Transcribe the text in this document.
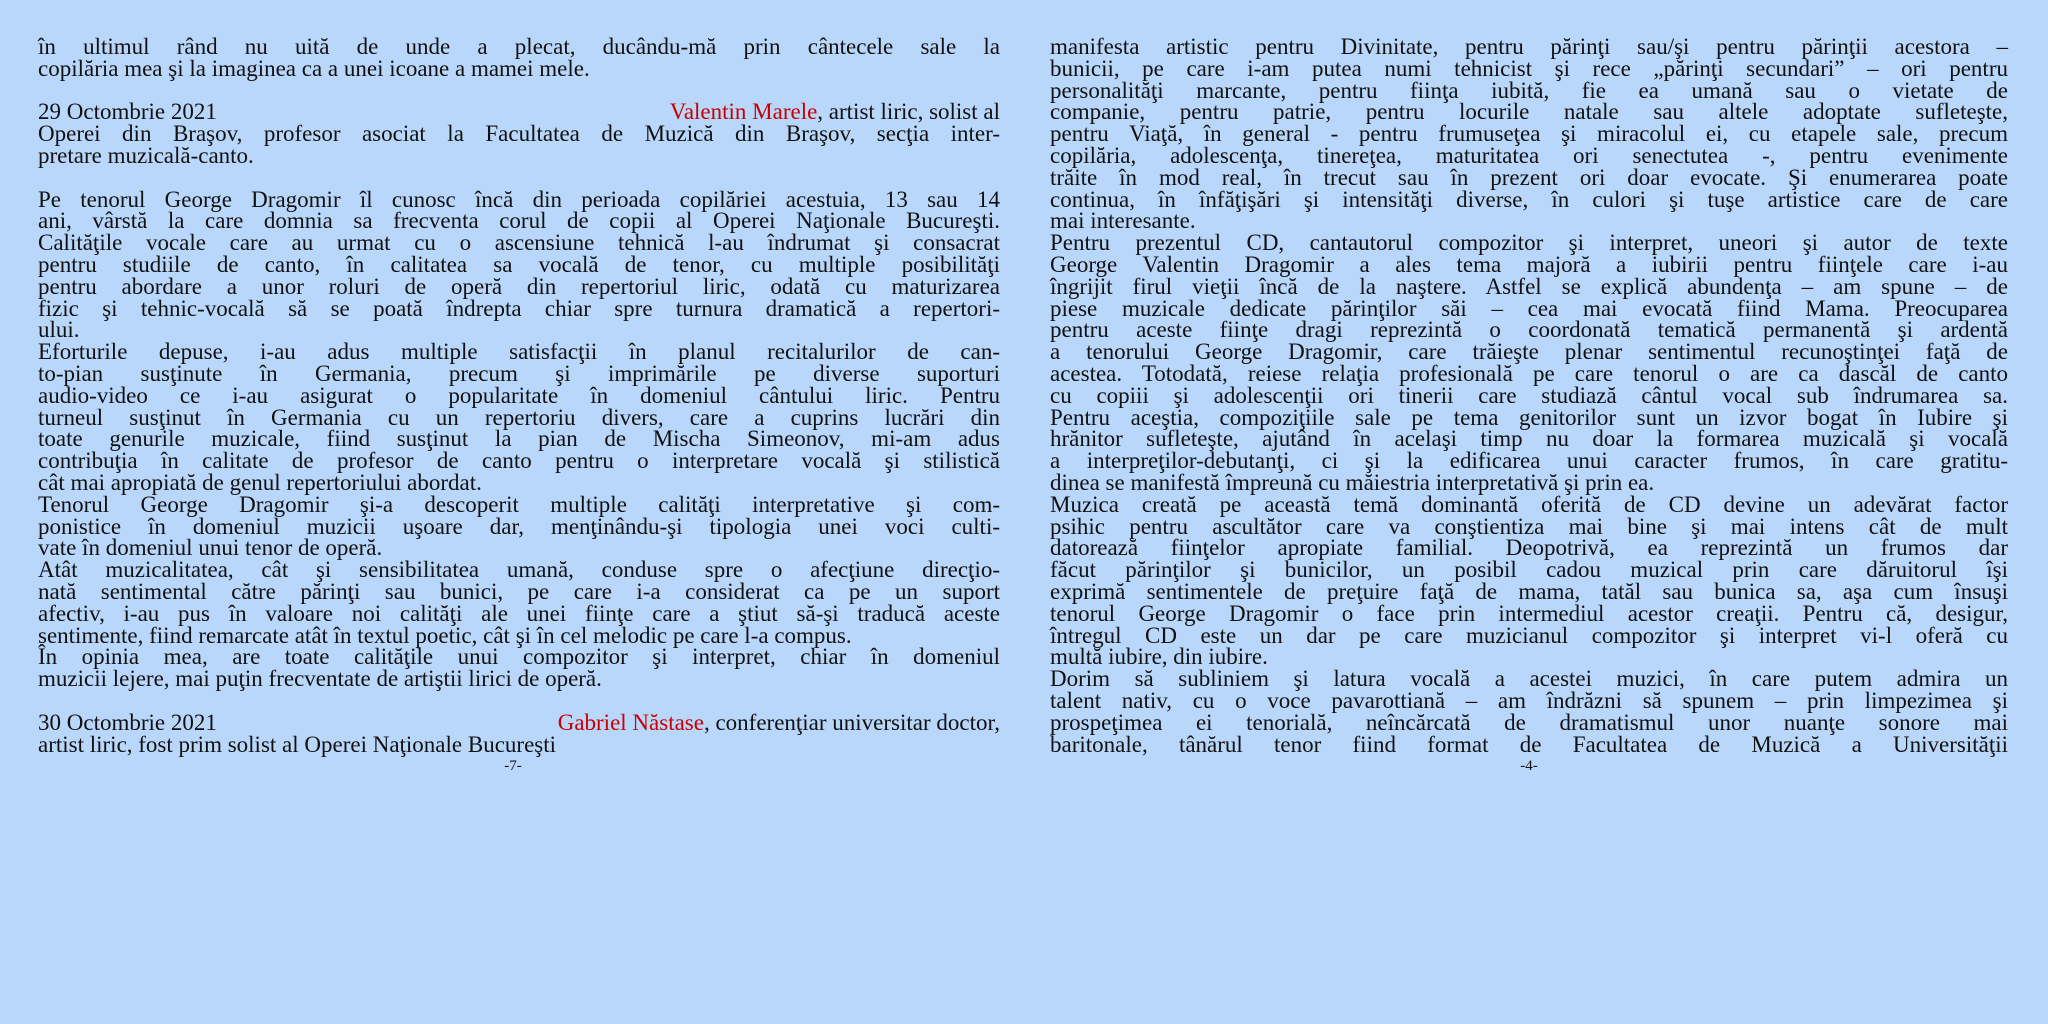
în ultimul rând nu uită de unde a plecat, ducându-mă prin cântecele sale la
copilăria mea şi la imaginea ca a unei icoane a mamei mele.
29 Octombrie 2021	Valentin Marele, artist liric, solist al
Operei din Braşov, profesor asociat la Facultatea de Muzică din Braşov, secţia inter-
pretare muzicală-canto.
Pe tenorul George Dragomir îl cunosc încă din perioada copilăriei acestuia, 13 sau 14
ani, vârstă la care domnia sa frecventa corul de copii al Operei Naţionale Bucureşti.
Calităţile vocale care au urmat cu o ascensiune tehnică l-au îndrumat şi consacrat
pentru studiile de canto, în calitatea sa vocală de tenor, cu multiple posibilităţi
pentru abordare a unor roluri de operă din repertoriul liric, odată cu maturizarea
fizic şi tehnic-vocală să se poată îndrepta chiar spre turnura dramatică a repertori-
ului.
Eforturile depuse, i-au adus multiple satisfacţii în planul recitalurilor de can-
to-pian susţinute în Germania, precum şi imprimările pe diverse suporturi
audio-video ce i-au asigurat o popularitate în domeniul cântului liric. Pentru
turneul susţinut în Germania cu un repertoriu divers, care a cuprins lucrări din
toate genurile muzicale, fiind susţinut la pian de Mischa Simeonov, mi-am adus
contribuţia în calitate de profesor de canto pentru o interpretare vocală şi stilistică
cât mai apropiată de genul repertoriului abordat.
Tenorul George Dragomir şi-a descoperit multiple calităţi interpretative şi com-
ponistice în domeniul muzicii uşoare dar, menţinându-şi tipologia unei voci culti-
vate în domeniul unui tenor de operă.
Atât muzicalitatea, cât şi sensibilitatea umană, conduse spre o afecţiune direcţio-
nată sentimental către părinţi sau bunici, pe care i-a considerat ca pe un suport
afectiv, i-au pus în valoare noi calităţi ale unei fiinţe care a ştiut să-şi traducă aceste
sentimente, fiind remarcate atât în textul poetic, cât şi în cel melodic pe care l-a compus.
În opinia mea, are toate calităţile unui compozitor şi interpret, chiar în domeniul
muzicii lejere, mai puţin frecventate de artiştii lirici de operă.
30 Octombrie 2021	Gabriel Năstase, conferenţiar universitar doctor,
artist liric, fost prim solist al Operei Naţionale Bucureşti
manifesta artistic pentru Divinitate, pentru părinţi sau/şi pentru părinţii acestora –
bunicii, pe care i-am putea numi tehnicist şi rece „părinţi secundari” – ori pentru
personalităţi marcante, pentru fiinţa iubită, fie ea umană sau o vietate de
companie, pentru patrie, pentru locurile natale sau altele adoptate sufleteşte,
pentru Viaţă, în general - pentru frumuseţea şi miracolul ei, cu etapele sale, precum
copilăria, adolescenţa, tinereţea, maturitatea ori senectutea -, pentru evenimente
trăite în mod real, în trecut sau în prezent ori doar evocate. Şi enumerarea poate
continua, în înfăţişări şi intensităţi diverse, în culori şi tuşe artistice care de care
mai interesante.
Pentru prezentul CD, cantautorul compozitor şi interpret, uneori şi autor de texte
George Valentin Dragomir a ales tema majoră a iubirii pentru fiinţele care i-au
îngrijit firul vieţii încă de la naştere. Astfel se explică abundenţa – am spune – de
piese muzicale dedicate părinţilor săi – cea mai evocată fiind Mama. Preocuparea
pentru aceste fiinţe dragi reprezintă o coordonată tematică permanentă şi ardentă
a tenorului George Dragomir, care trăieşte plenar sentimentul recunoştinţei faţă de
acestea. Totodată, reiese relaţia profesională pe care tenorul o are ca dascăl de canto
cu copiii şi adolescenţii ori tinerii care studiază cântul vocal sub îndrumarea sa.
Pentru aceştia, compoziţiile sale pe tema genitorilor sunt un izvor bogat în Iubire şi
hrănitor sufleteşte, ajutând în acelaşi timp nu doar la formarea muzicală şi vocală
a interpreţilor-debutanţi, ci şi la edificarea unui caracter frumos, în care gratitu-
dinea se manifestă împreună cu măiestria interpretativă şi prin ea.
Muzica creată pe această temă dominantă oferită de CD devine un adevărat factor
psihic pentru ascultător care va conştientiza mai bine şi mai intens cât de mult
datorează fiinţelor apropiate familial. Deopotrivă, ea reprezintă un frumos dar
făcut părinţilor şi bunicilor, un posibil cadou muzical prin care dăruitorul îşi
exprimă sentimentele de preţuire faţă de mama, tatăl sau bunica sa, aşa cum însuşi
tenorul George Dragomir o face prin intermediul acestor creaţii. Pentru că, desigur,
întregul CD este un dar pe care muzicianul compozitor şi interpret vi-l oferă cu
multă iubire, din iubire.
Dorim să subliniem şi latura vocală a acestei muzici, în care putem admira un
talent nativ, cu o voce pavarottiană – am îndrăzni să spunem – prin limpezimea şi
prospeţimea ei tenorială, neîncărcată de dramatismul unor nuanţe sonore mai
baritonale, tânărul tenor fiind format de Facultatea de Muzică a Universităţii
-7-	-4-
